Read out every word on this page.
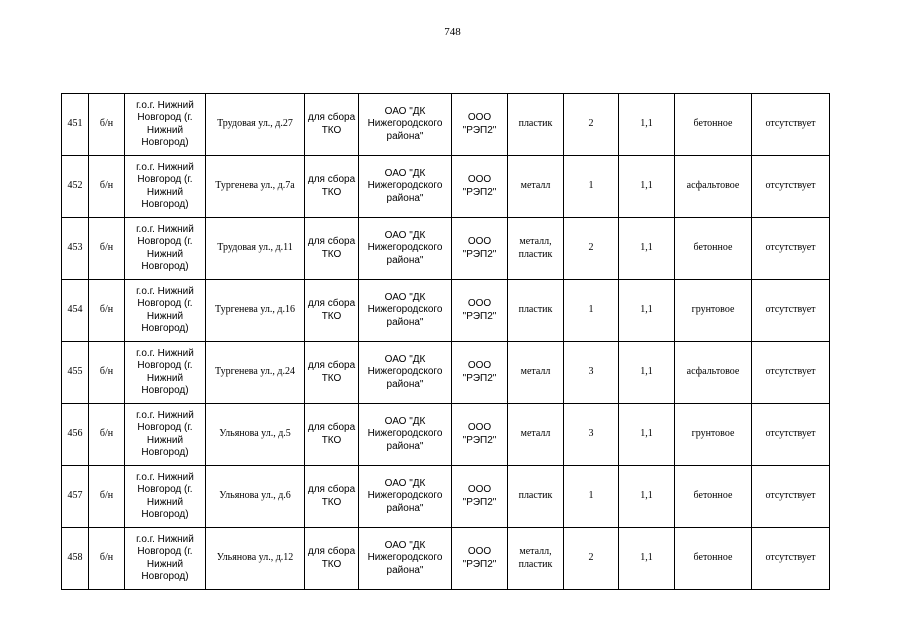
748
451	б/н	г.о.г. Нижний Новгород (г. Нижний Новгород)	Трудовая ул., д.27	для сбора ТКО	ОАО "ДК Нижегородского района"	ООО "РЭП2"	пластик	2	1,1	бетонное	отсутствует
452	б/н	г.о.г. Нижний Новгород (г. Нижний Новгород)	Тургенева ул., д.7а	для сбора ТКО	ОАО "ДК Нижегородского района"	ООО "РЭП2"	металл	1	1,1	асфальтовое	отсутствует
453	б/н	г.о.г. Нижний Новгород (г. Нижний Новгород)	Трудовая ул., д.11	для сбора ТКО	ОАО "ДК Нижегородского района"	ООО "РЭП2"	металл, пластик	2	1,1	бетонное	отсутствует
454	б/н	г.о.г. Нижний Новгород (г. Нижний Новгород)	Тургенева ул., д.16	для сбора ТКО	ОАО "ДК Нижегородского района"	ООО "РЭП2"	пластик	1	1,1	грунтовое	отсутствует
455	б/н	г.о.г. Нижний Новгород (г. Нижний Новгород)	Тургенева ул., д.24	для сбора ТКО	ОАО "ДК Нижегородского района"	ООО "РЭП2"	металл	3	1,1	асфальтовое	отсутствует
456	б/н	г.о.г. Нижний Новгород (г. Нижний Новгород)	Ульянова ул., д.5	для сбора ТКО	ОАО "ДК Нижегородского района"	ООО "РЭП2"	металл	3	1,1	грунтовое	отсутствует
457	б/н	г.о.г. Нижний Новгород (г. Нижний Новгород)	Ульянова ул., д.6	для сбора ТКО	ОАО "ДК Нижегородского района"	ООО "РЭП2"	пластик	1	1,1	бетонное	отсутствует
458	б/н	г.о.г. Нижний Новгород (г. Нижний Новгород)	Ульянова ул., д.12	для сбора ТКО	ОАО "ДК Нижегородского района"	ООО "РЭП2"	металл, пластик	2	1,1	бетонное	отсутствует
